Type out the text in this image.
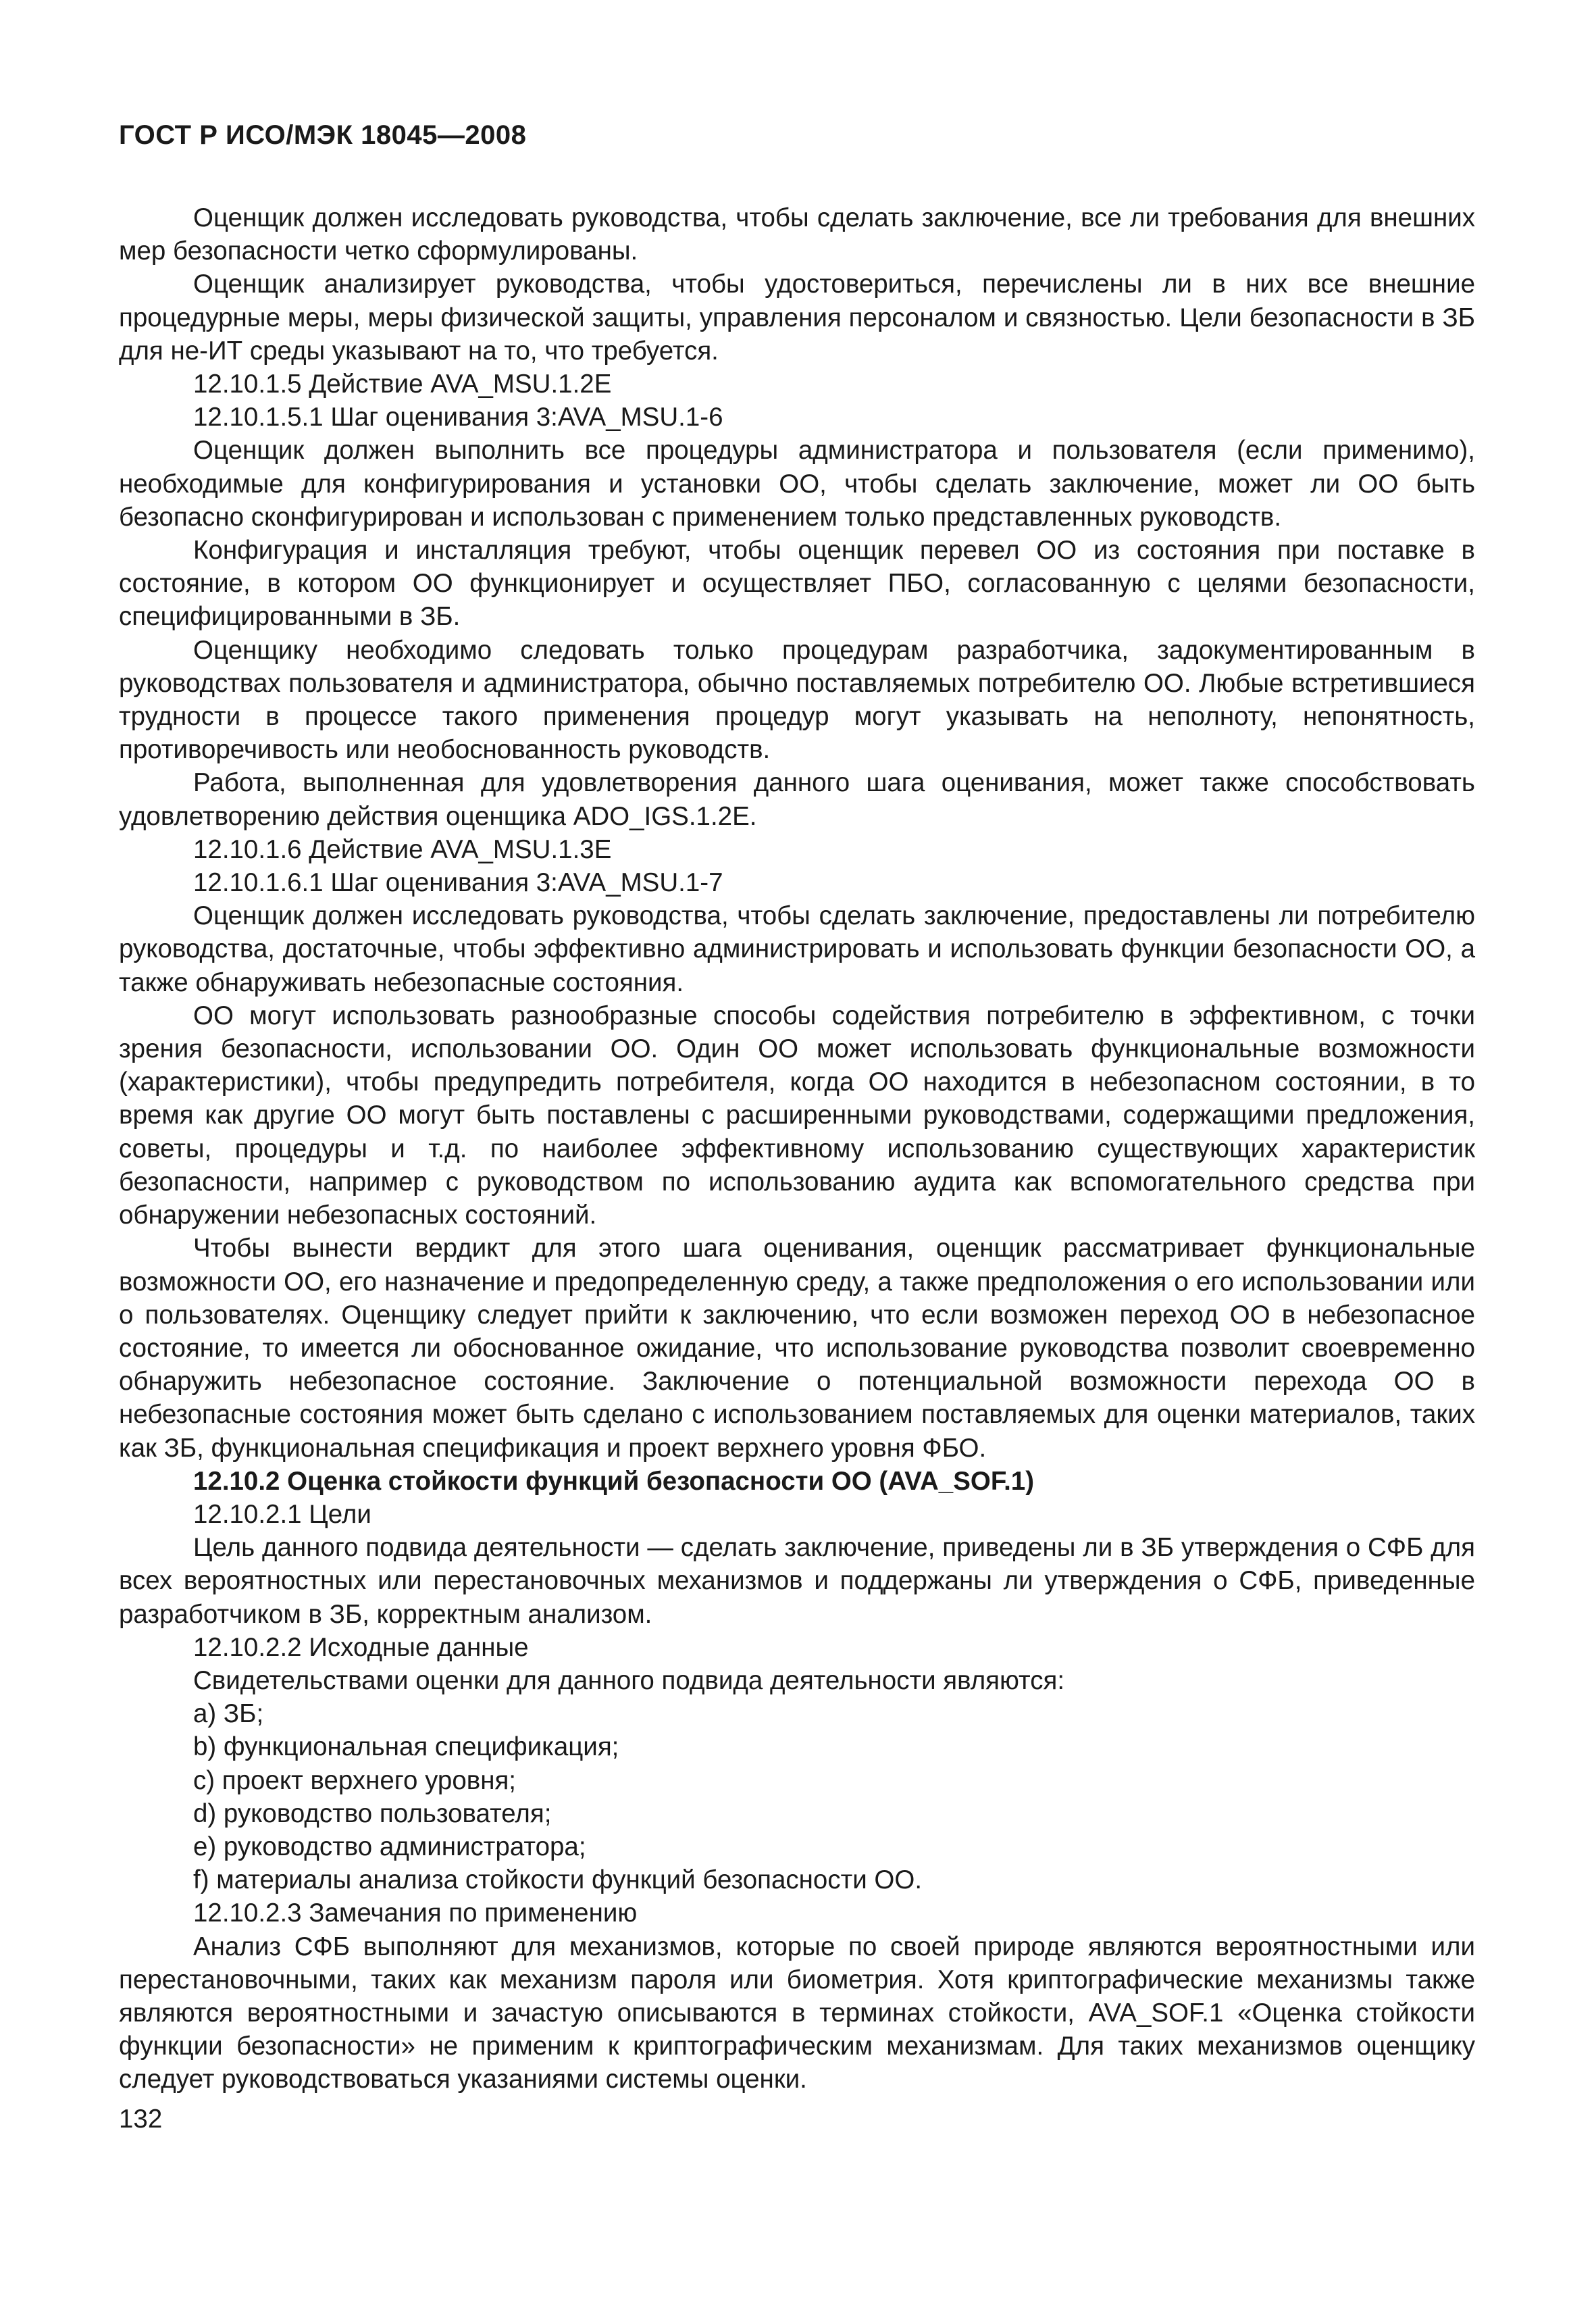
ГОСТ Р ИСО/МЭК 18045—2008

Оценщик должен исследовать руководства, чтобы сделать заключение, все ли требования для внешних мер безопасности четко сформулированы.

Оценщик анализирует руководства, чтобы удостовериться, перечислены ли в них все внешние процедурные меры, меры физической защиты, управления персоналом и связностью. Цели безопасности в ЗБ для не-ИТ среды указывают на то, что требуется.

12.10.1.5 Действие AVA_MSU.1.2E

12.10.1.5.1 Шаг оценивания 3:AVA_MSU.1-6

Оценщик должен выполнить все процедуры администратора и пользователя (если применимо), необходимые для конфигурирования и установки ОО, чтобы сделать заключение, может ли ОО быть безопасно сконфигурирован и использован с применением только представленных руководств.

Конфигурация и инсталляция требуют, чтобы оценщик перевел ОО из состояния при поставке в состояние, в котором ОО функционирует и осуществляет ПБО, согласованную с целями безопасности, специфицированными в ЗБ.

Оценщику необходимо следовать только процедурам разработчика, задокументированным в руководствах пользователя и администратора, обычно поставляемых потребителю ОО. Любые встретившиеся трудности в процессе такого применения процедур могут указывать на неполноту, непонятность, противоречивость или необоснованность руководств.

Работа, выполненная для удовлетворения данного шага оценивания, может также способствовать удовлетворению действия оценщика ADO_IGS.1.2E.

12.10.1.6 Действие AVA_MSU.1.3E

12.10.1.6.1 Шаг оценивания 3:AVA_MSU.1-7

Оценщик должен исследовать руководства, чтобы сделать заключение, предоставлены ли потребителю руководства, достаточные, чтобы эффективно администрировать и использовать функции безопасности ОО, а также обнаруживать небезопасные состояния.

ОО могут использовать разнообразные способы содействия потребителю в эффективном, с точки зрения безопасности, использовании ОО. Один ОО может использовать функциональные возможности (характеристики), чтобы предупредить потребителя, когда ОО находится в небезопасном состоянии, в то время как другие ОО могут быть поставлены с расширенными руководствами, содержащими предложения, советы, процедуры и т.д. по наиболее эффективному использованию существующих характеристик безопасности, например с руководством по использованию аудита как вспомогательного средства при обнаружении небезопасных состояний.

Чтобы вынести вердикт для этого шага оценивания, оценщик рассматривает функциональные возможности ОО, его назначение и предопределенную среду, а также предположения о его использовании или о пользователях. Оценщику следует прийти к заключению, что если возможен переход ОО в небезопасное состояние, то имеется ли обоснованное ожидание, что использование руководства позволит своевременно обнаружить небезопасное состояние. Заключение о потенциальной возможности перехода ОО в небезопасные состояния может быть сделано с использованием поставляемых для оценки материалов, таких как ЗБ, функциональная спецификация и проект верхнего уровня ФБО.

12.10.2 Оценка стойкости функций безопасности ОО (AVA_SOF.1)

12.10.2.1 Цели

Цель данного подвида деятельности — сделать заключение, приведены ли в ЗБ утверждения о СФБ для всех вероятностных или перестановочных механизмов и поддержаны ли утверждения о СФБ, приведенные разработчиком в ЗБ, корректным анализом.

12.10.2.2 Исходные данные

Свидетельствами оценки для данного подвида деятельности являются:

a) ЗБ;

b) функциональная спецификация;

c) проект верхнего уровня;

d) руководство пользователя;

e) руководство администратора;

f) материалы анализа стойкости функций безопасности ОО.

12.10.2.3 Замечания по применению

Анализ СФБ выполняют для механизмов, которые по своей природе являются вероятностными или перестановочными, таких как механизм пароля или биометрия. Хотя криптографические механизмы также являются вероятностными и зачастую описываются в терминах стойкости, AVA_SOF.1 «Оценка стойкости функции безопасности» не применим к криптографическим механизмам. Для таких механизмов оценщику следует руководствоваться указаниями системы оценки.

132
